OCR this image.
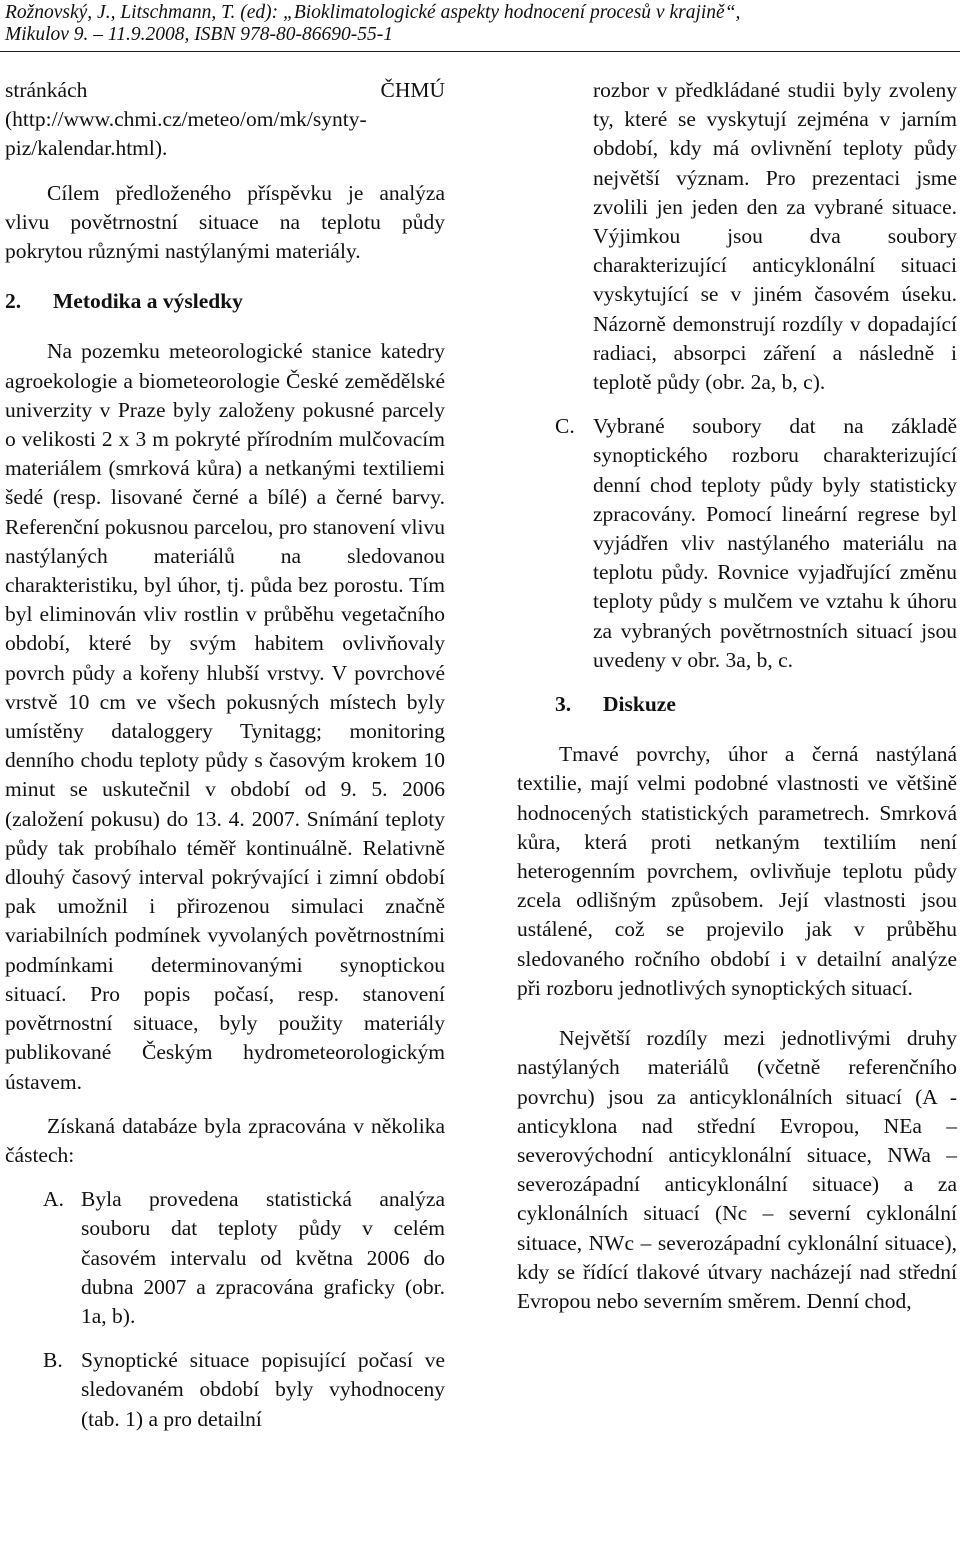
Rožnovský, J., Litschmann, T. (ed): „Bioklimatologické aspekty hodnocení procesů v krajině“,
Mikulov 9. – 11.9.2008, ISBN 978-80-86690-55-1

stránkách ČHMÚ (http://www.chmi.cz/meteo/om/mk/synty-piz/kalendar.html).

Cílem předloženého příspěvku je analýza vlivu povětrnostní situace na teplotu půdy pokrytou různými nastýlanými materiály.

2. Metodika a výsledky

Na pozemku meteorologické stanice katedry agroekologie a biometeorologie České zemědělské univerzity v Praze byly založeny pokusné parcely o velikosti 2 x 3 m pokryté přírodním mulčovacím materiálem (smrková kůra) a netkanými textiliemi šedé (resp. lisované černé a bílé) a černé barvy. Referenční pokusnou parcelou, pro stanovení vlivu nastýlaných materiálů na sledovanou charakteristiku, byl úhor, tj. půda bez porostu. Tím byl eliminován vliv rostlin v průběhu vegetačního období, které by svým habitem ovlivňovaly povrch půdy a kořeny hlubší vrstvy. V povrchové vrstvě 10 cm ve všech pokusných místech byly umístěny dataloggery Tynitagg; monitoring denního chodu teploty půdy s časovým krokem 10 minut se uskutečnil v období od 9. 5. 2006 (založení pokusu) do 13. 4. 2007. Snímání teploty půdy tak probíhalo téměř kontinuálně. Relativně dlouhý časový interval pokrývající i zimní období pak umožnil i přirozenou simulaci značně variabilních podmínek vyvolaných povětrnostními podmínkami determinovanými synoptickou situací. Pro popis počasí, resp. stanovení povětrnostní situace, byly použity materiály publikované Českým hydrometeorologickým ústavem.

Získaná databáze byla zpracována v několika částech:

A. Byla provedena statistická analýza souboru dat teploty půdy v celém časovém intervalu od května 2006 do dubna 2007 a zpracována graficky (obr. 1a, b).

B. Synoptické situace popisující počasí ve sledovaném období byly vyhodnoceny (tab. 1) a pro detailní

rozbor v předkládané studii byly zvoleny ty, které se vyskytují zejména v jarním období, kdy má ovlivnění teploty půdy největší význam. Pro prezentaci jsme zvolili jen jeden den za vybrané situace. Výjimkou jsou dva soubory charakterizující anticyklonální situaci vyskytující se v jiném časovém úseku. Názorně demonstrují rozdíly v dopadající radiaci, absorpci záření a následně i teplotě půdy (obr. 2a, b, c).

C. Vybrané soubory dat na základě synoptického rozboru charakterizující denní chod teploty půdy byly statisticky zpracovány. Pomocí lineární regrese byl vyjádřen vliv nastýlaného materiálu na teplotu půdy. Rovnice vyjadřující změnu teploty půdy s mulčem ve vztahu k úhoru za vybraných povětrnostních situací jsou uvedeny v obr. 3a, b, c.

3. Diskuze

Tmavé povrchy, úhor a černá nastýlaná textilie, mají velmi podobné vlastnosti ve většině hodnocených statistických parametrech. Smrková kůra, která proti netkaným textiliím není heterogenním povrchem, ovlivňuje teplotu půdy zcela odlišným způsobem. Její vlastnosti jsou ustálené, což se projevilo jak v průběhu sledovaného ročního období i v detailní analýze při rozboru jednotlivých synoptických situací.

Největší rozdíly mezi jednotlivými druhy nastýlaných materiálů (včetně referenčního povrchu) jsou za anticyklonálních situací (A - anticyklona nad střední Evropou, NEa – severovýchodní anticyklonální situace, NWa – severozápadní anticyklonální situace) a za cyklonálních situací (Nc – severní cyklonální situace, NWc – severozápadní cyklonální situace), kdy se řídící tlakové útvary nacházejí nad střední Evropou nebo severním směrem. Denní chod,
